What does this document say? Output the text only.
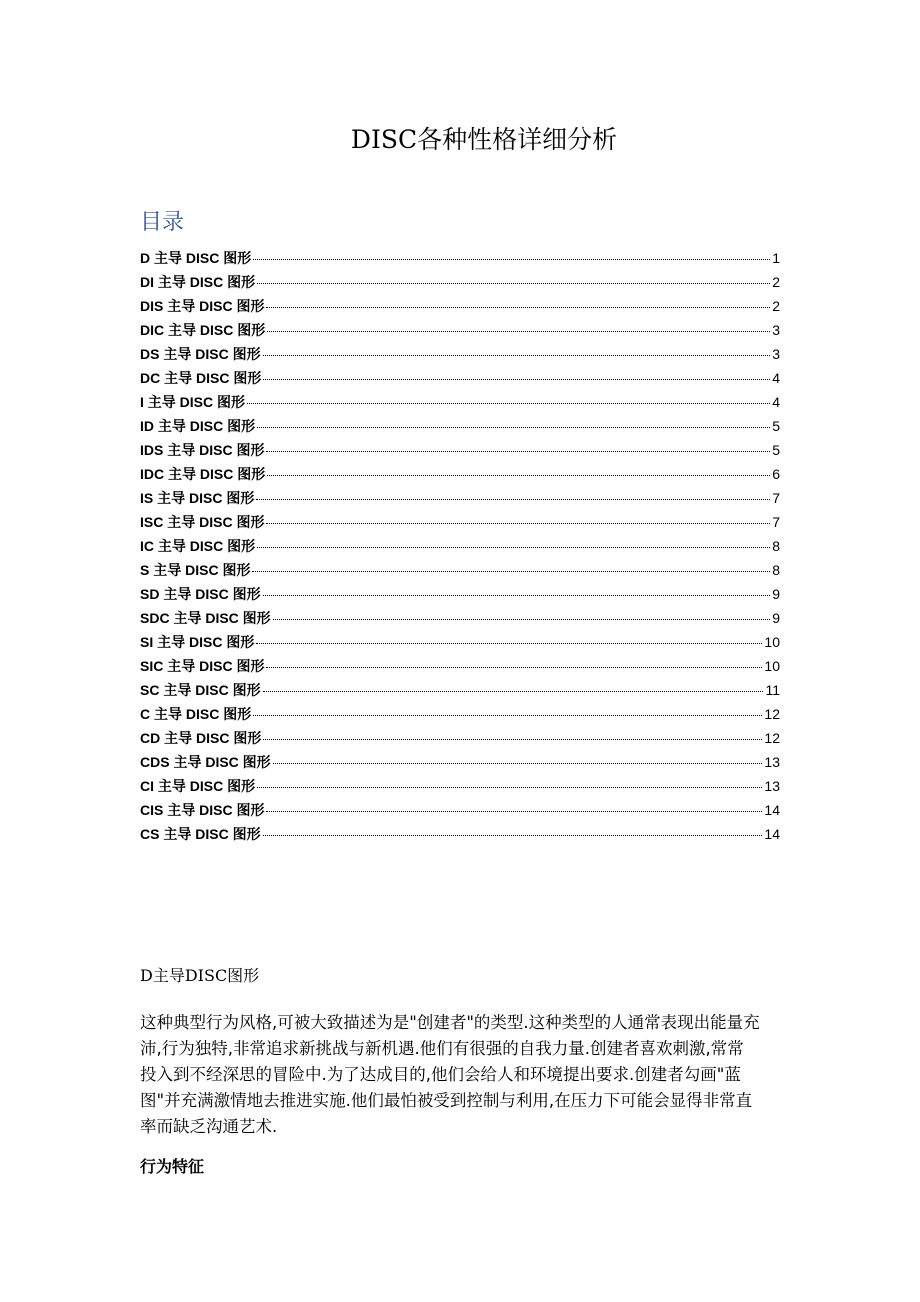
DISC各种性格详细分析
目录
D 主导 DISC 图形	1
DI 主导 DISC 图形	2
DIS 主导 DISC 图形	2
DIC 主导 DISC 图形	3
DS 主导 DISC 图形	3
DC 主导 DISC 图形	4
I 主导 DISC 图形	4
ID 主导 DISC 图形	5
IDS 主导 DISC 图形	5
IDC 主导 DISC 图形	6
IS 主导 DISC 图形	7
ISC 主导 DISC 图形	7
IC 主导 DISC 图形	8
S 主导 DISC 图形	8
SD 主导 DISC 图形	9
SDC 主导 DISC 图形	9
SI 主导 DISC 图形	10
SIC 主导 DISC 图形	10
SC 主导 DISC 图形	11
C 主导 DISC 图形	12
CD 主导 DISC 图形	12
CDS 主导 DISC 图形	13
CI 主导 DISC 图形	13
CIS 主导 DISC 图形	14
CS 主导 DISC 图形	14
D主导DISC图形
这种典型行为风格,可被大致描述为是"创建者"的类型.这种类型的人通常表现出能量充
沛,行为独特,非常追求新挑战与新机遇.他们有很强的自我力量.创建者喜欢刺激,常常
投入到不经深思的冒险中.为了达成目的,他们会给人和环境提出要求.创建者勾画"蓝
图"并充满激情地去推进实施.他们最怕被受到控制与利用,在压力下可能会显得非常直
率而缺乏沟通艺术.
行为特征
